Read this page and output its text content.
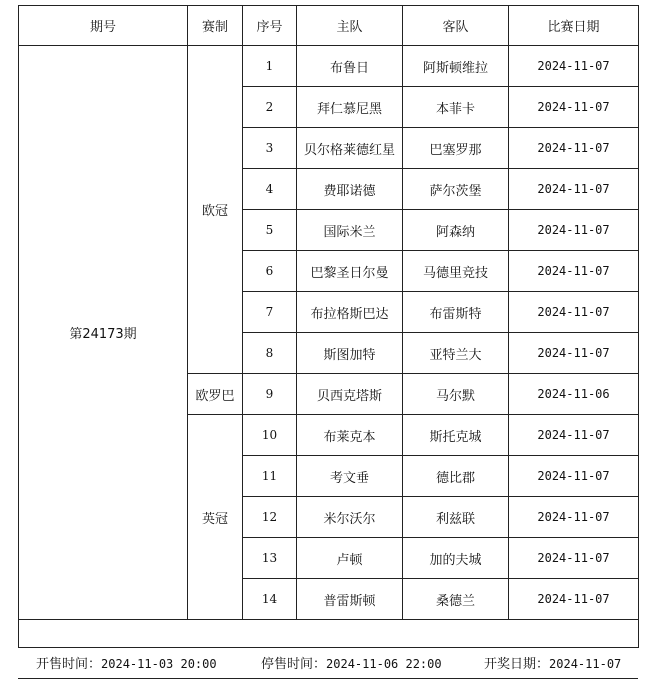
期号	赛制	序号	主队	客队	比赛日期
第24173期	欧冠	1	布鲁日	阿斯顿维拉	2024-11-07
		2	拜仁慕尼黑	本菲卡	2024-11-07
		3	贝尔格莱德红星	巴塞罗那	2024-11-07
		4	费耶诺德	萨尔茨堡	2024-11-07
		5	国际米兰	阿森纳	2024-11-07
		6	巴黎圣日尔曼	马德里竞技	2024-11-07
		7	布拉格斯巴达	布雷斯特	2024-11-07
		8	斯图加特	亚特兰大	2024-11-07
	欧罗巴	9	贝西克塔斯	马尔默	2024-11-06
	英冠	10	布莱克本	斯托克城	2024-11-07
		11	考文垂	德比郡	2024-11-07
		12	米尔沃尔	利兹联	2024-11-07
		13	卢顿	加的夫城	2024-11-07
		14	普雷斯顿	桑德兰	2024-11-07

开售时间：2024-11-03 20:00	停售时间：2024-11-06 22:00	开奖日期：2024-11-07
